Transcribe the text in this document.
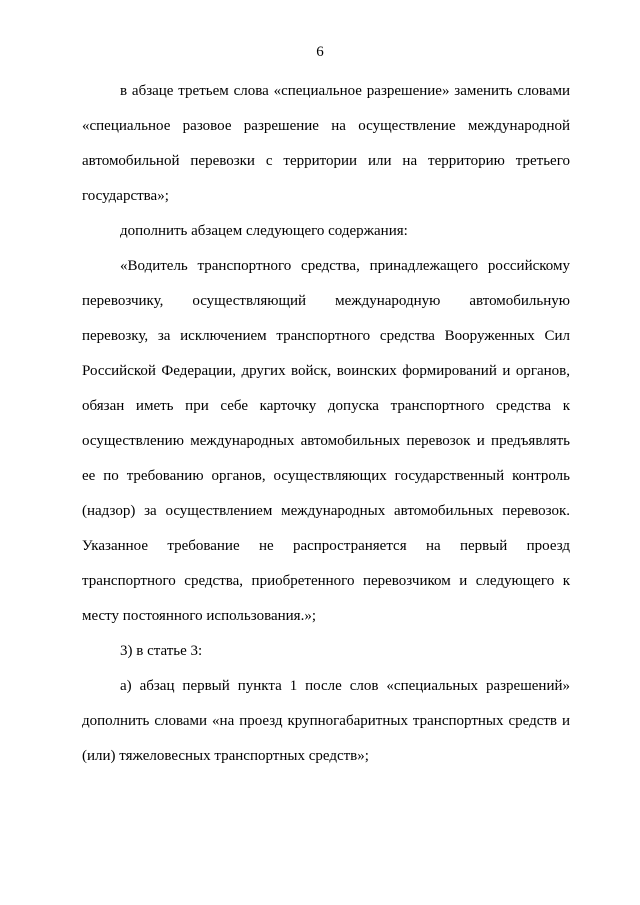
6
в абзаце третьем слова «специальное разрешение» заменить словами
«специальное разовое разрешение на осуществление международной
автомобильной перевозки с территории или на территорию третьего
государства»;
дополнить абзацем следующего содержания:
«Водитель транспортного средства, принадлежащего российскому
перевозчику, осуществляющий международную автомобильную
перевозку, за исключением транспортного средства Вооруженных Сил
Российской Федерации, других войск, воинских формирований и органов,
обязан иметь при себе карточку допуска транспортного средства к
осуществлению международных автомобильных перевозок и предъявлять
ее по требованию органов, осуществляющих государственный контроль
(надзор) за осуществлением международных автомобильных перевозок.
Указанное требование не распространяется на первый проезд
транспортного средства, приобретенного перевозчиком и следующего к
месту постоянного использования.»;
3) в статье 3:
а) абзац первый пункта 1 после слов «специальных разрешений»
дополнить словами «на проезд крупногабаритных транспортных средств и
(или) тяжеловесных транспортных средств»;
